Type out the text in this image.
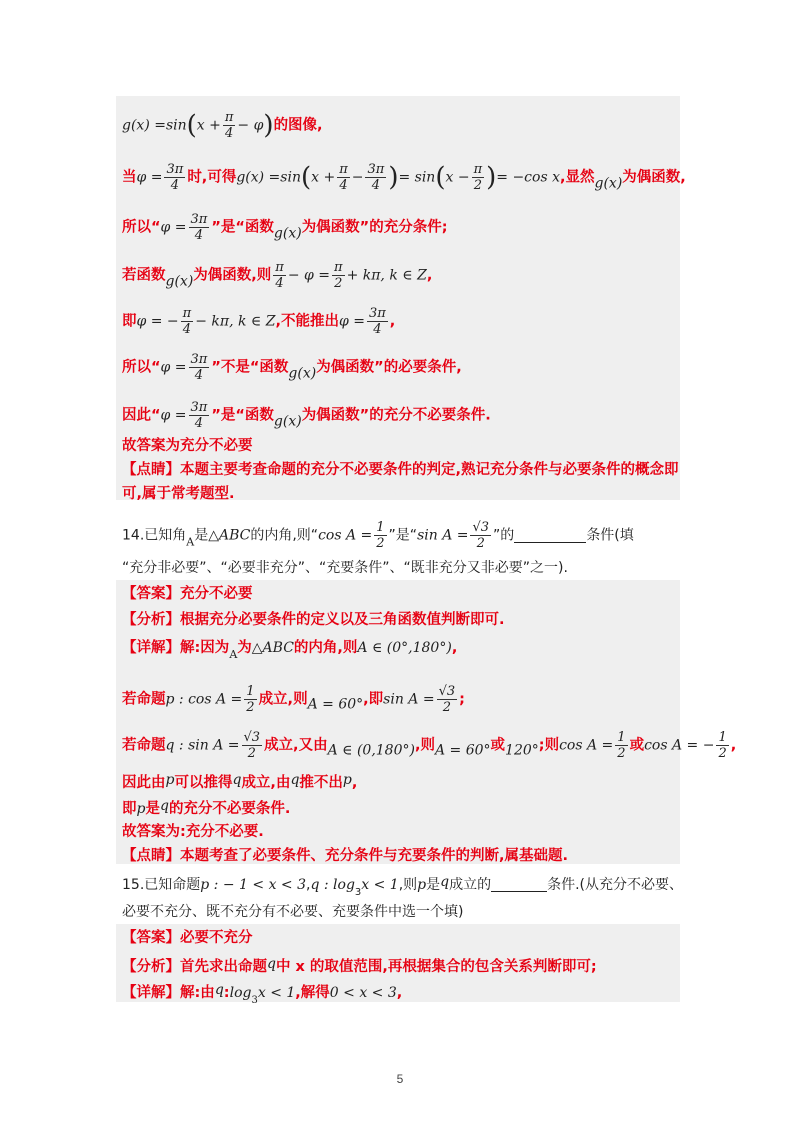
$g(x) =\sin(x + \frac{\pi}{4} - \varphi)$的图像,
当$\varphi = \frac{3\pi}{4}$ 时,可得$g(x) =\sin(x + \frac{\pi}{4} - \frac{3\pi}{4}$ )= $\sin(x - \frac{\pi}{2}$ )= −cos x,显然g(x)为偶函数,
所以“$\varphi = \frac{3\pi}{4}$ ”是“函数g(x)为偶函数”的充分条件;
若函数g(x)为偶函数,则 $\frac{\pi}{4} - \varphi = \frac{\pi}{2} + k\pi$, k ∈ Z,
即φ = − $\frac{\pi}{4} - k\pi$, k ∈ Z,不能推出$\varphi = \frac{3\pi}{4}$ ,
所以“$\varphi = \frac{3\pi}{4}$ ”不是“函数g(x)为偶函数”的必要条件,
因此“$\varphi = \frac{3\pi}{4}$ ”是“函数g(x)为偶函数”的充分不必要条件.
故答案为充分不必要
【点睛】本题主要考查命题的充分不必要条件的判定,熟记充分条件与必要条件的概念即
可,属于常考题型.
14.已知角$_A$是△ABC的内角,则“cos $A = \frac{1}{2}$ ”是“sin $A = \frac{√3}{2}$ ”的	条件(填
“充分非必要”、“必要非充分”、“充要条件”、“既非充分又非必要”之一).
【答案】充分不必要
【分析】根据充分必要条件的定义以及三角函数值判断即可.
【详解】解:因为$_A$为△ABC的内角,则A ∈ (0°,180°),
若命题p : $\cos A = \frac{1}{2}$ 成立,则A = 60°,即$\sin A = \frac{√3}{2}$ ;
若命题q : $\sin A = \frac{√3}{2}$ 成立,又由A ∈ (0,180°),则A = 60°或120°;则$\cos A = \frac{1}{2}$ 或cos A = − $\frac{1}{2}$ ,
因此由p可以推得q成立,由q推不出p,
即p是q的充分不必要条件.
故答案为:充分不必要.
【点睛】本题考查了必要条件、充分条件与充要条件的判断,属基础题.
15.已知命题p : − 1 < x < 3,q : $\log_3x < 1$,则p是q成立的	条件.(从充分不必要、
必要不充分、既不充分有不必要、充要条件中选一个填)
【答案】必要不充分
【分析】首先求出命题q中 x 的取值范围,再根据集合的包含关系判断即可;
【详解】解:由$q:\log_3x < 1$,解得0 < x < 3,
5
